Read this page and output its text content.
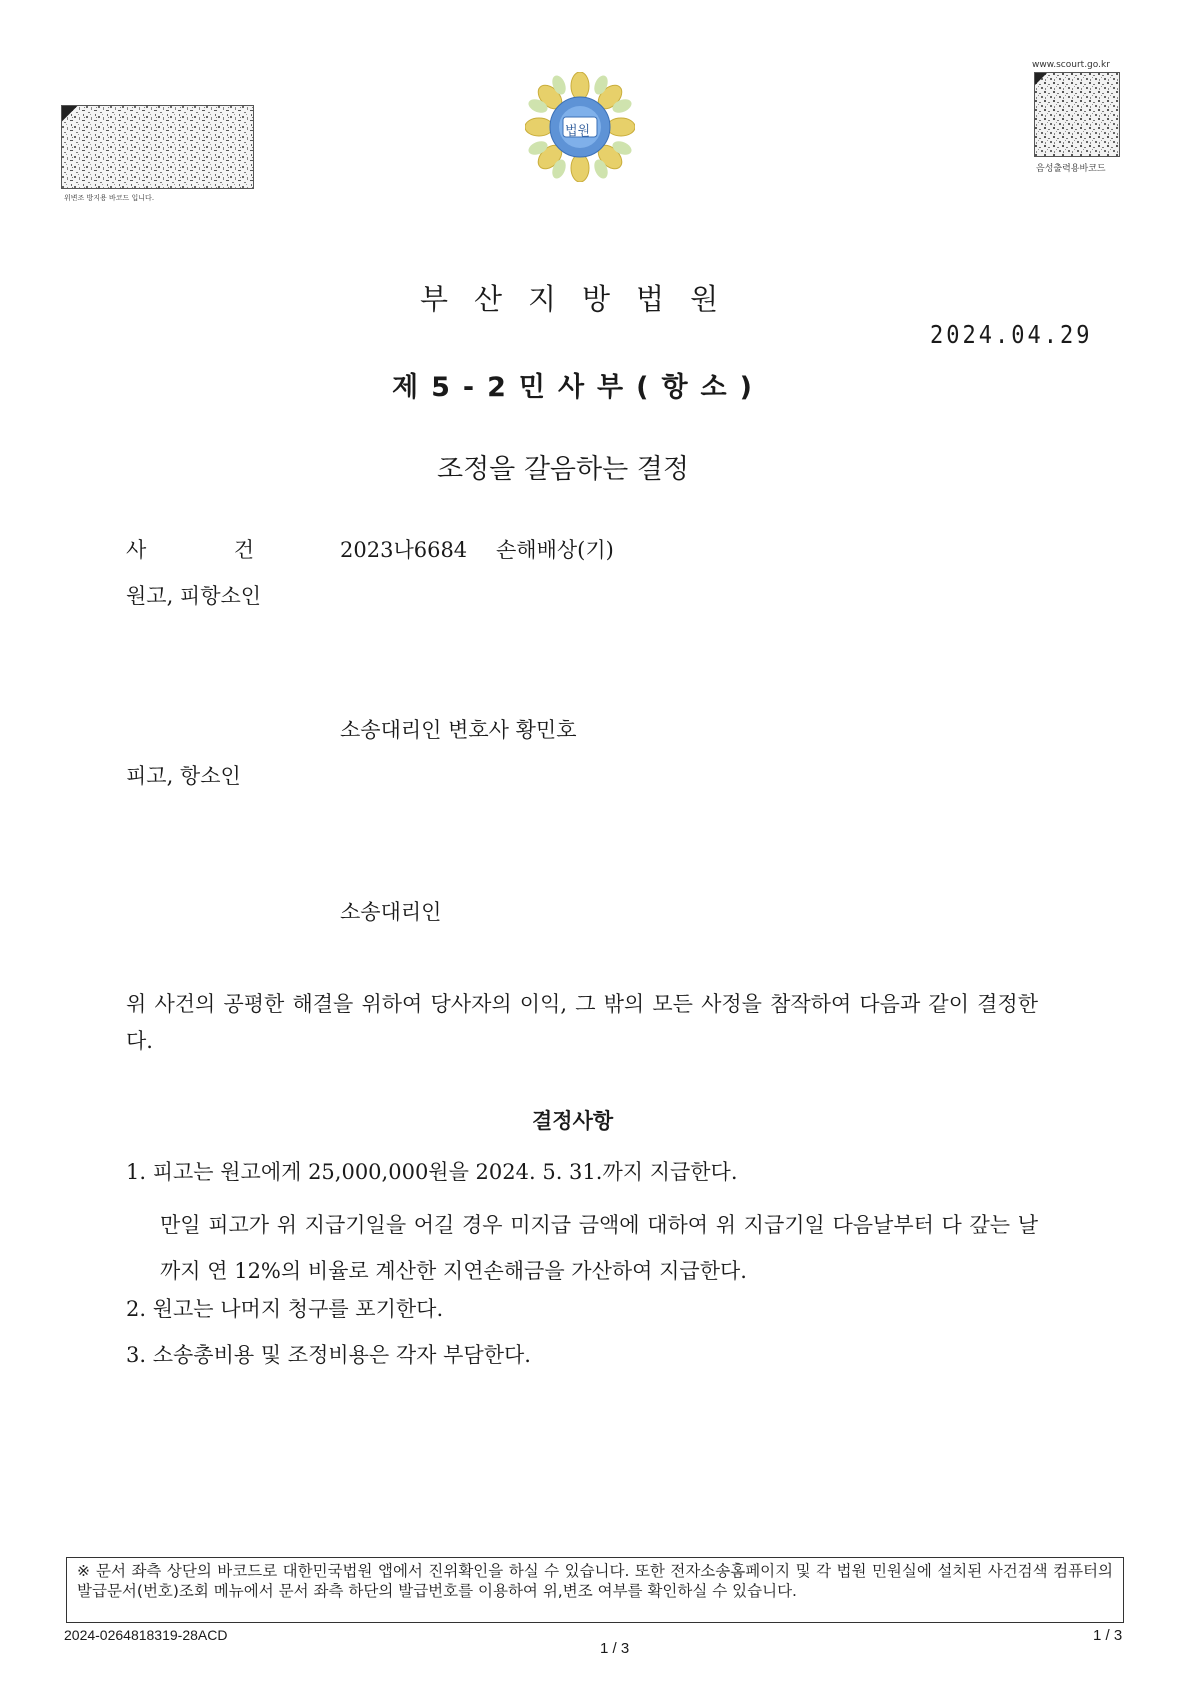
위변조 방지용 바코드 입니다.
법원
www.scourt.go.kr
음성출력용바코드
부산지방법원
2024.04.29
제5-2민사부(항소)
조정을 갈음하는 결정
사	건	2023나6684 손해배상(기)
원고, 피항소인
소송대리인 변호사 황민호
피고, 항소인
소송대리인
위 사건의 공평한 해결을 위하여 당사자의 이익, 그 밖의 모든 사정을 참작하여 다음과 같이 결정한다.
결정사항
1. 피고는 원고에게 25,000,000원을 2024. 5. 31.까지 지급한다.
만일 피고가 위 지급기일을 어길 경우 미지급 금액에 대하여 위 지급기일 다음날부터 다 갚는 날까지 연 12%의 비율로 계산한 지연손해금을 가산하여 지급한다.
2. 원고는 나머지 청구를 포기한다.
3. 소송총비용 및 조정비용은 각자 부담한다.
※ 문서 좌측 상단의 바코드로 대한민국법원 앱에서 진위확인을 하실 수 있습니다. 또한 전자소송홈페이지 및 각 법원 민원실에 설치된 사건검색 컴퓨터의 발급문서(번호)조회 메뉴에서 문서 좌측 하단의 발급번호를 이용하여 위,변조 여부를 확인하실 수 있습니다.
2024-0264818319-28ACD
1 / 3
1 / 3
